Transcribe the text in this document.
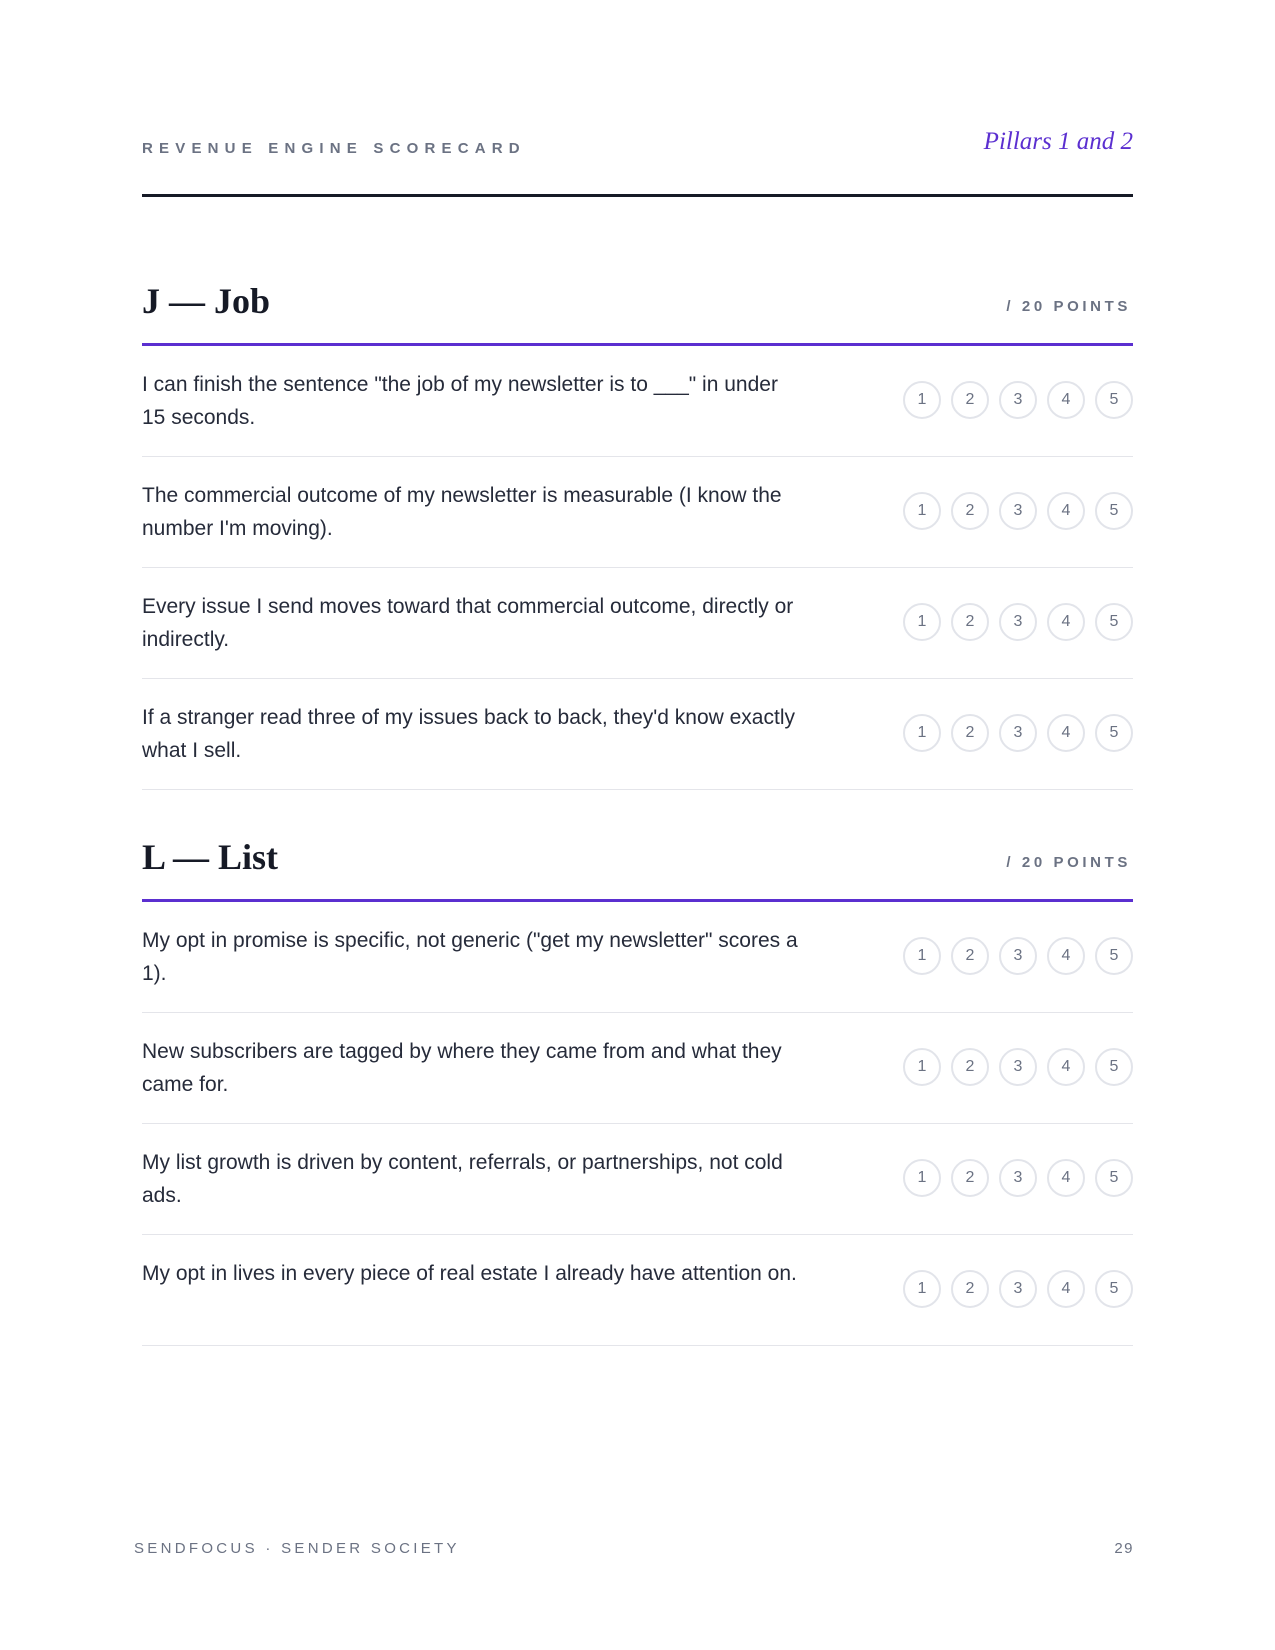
REVENUE ENGINE SCORECARD	Pillars 1 and 2
J — Job	/ 20 POINTS
I can finish the sentence "the job of my newsletter is to ___" in under 15 seconds.
1	2	3	4	5
The commercial outcome of my newsletter is measurable (I know the number I'm moving).
1	2	3	4	5
Every issue I send moves toward that commercial outcome, directly or indirectly.
1	2	3	4	5
If a stranger read three of my issues back to back, they'd know exactly what I sell.
1	2	3	4	5
L — List	/ 20 POINTS
My opt in promise is specific, not generic ("get my newsletter" scores a 1).
1	2	3	4	5
New subscribers are tagged by where they came from and what they came for.
1	2	3	4	5
My list growth is driven by content, referrals, or partnerships, not cold ads.
1	2	3	4	5
My opt in lives in every piece of real estate I already have attention on.
1	2	3	4	5
SENDFOCUS · SENDER SOCIETY	29
